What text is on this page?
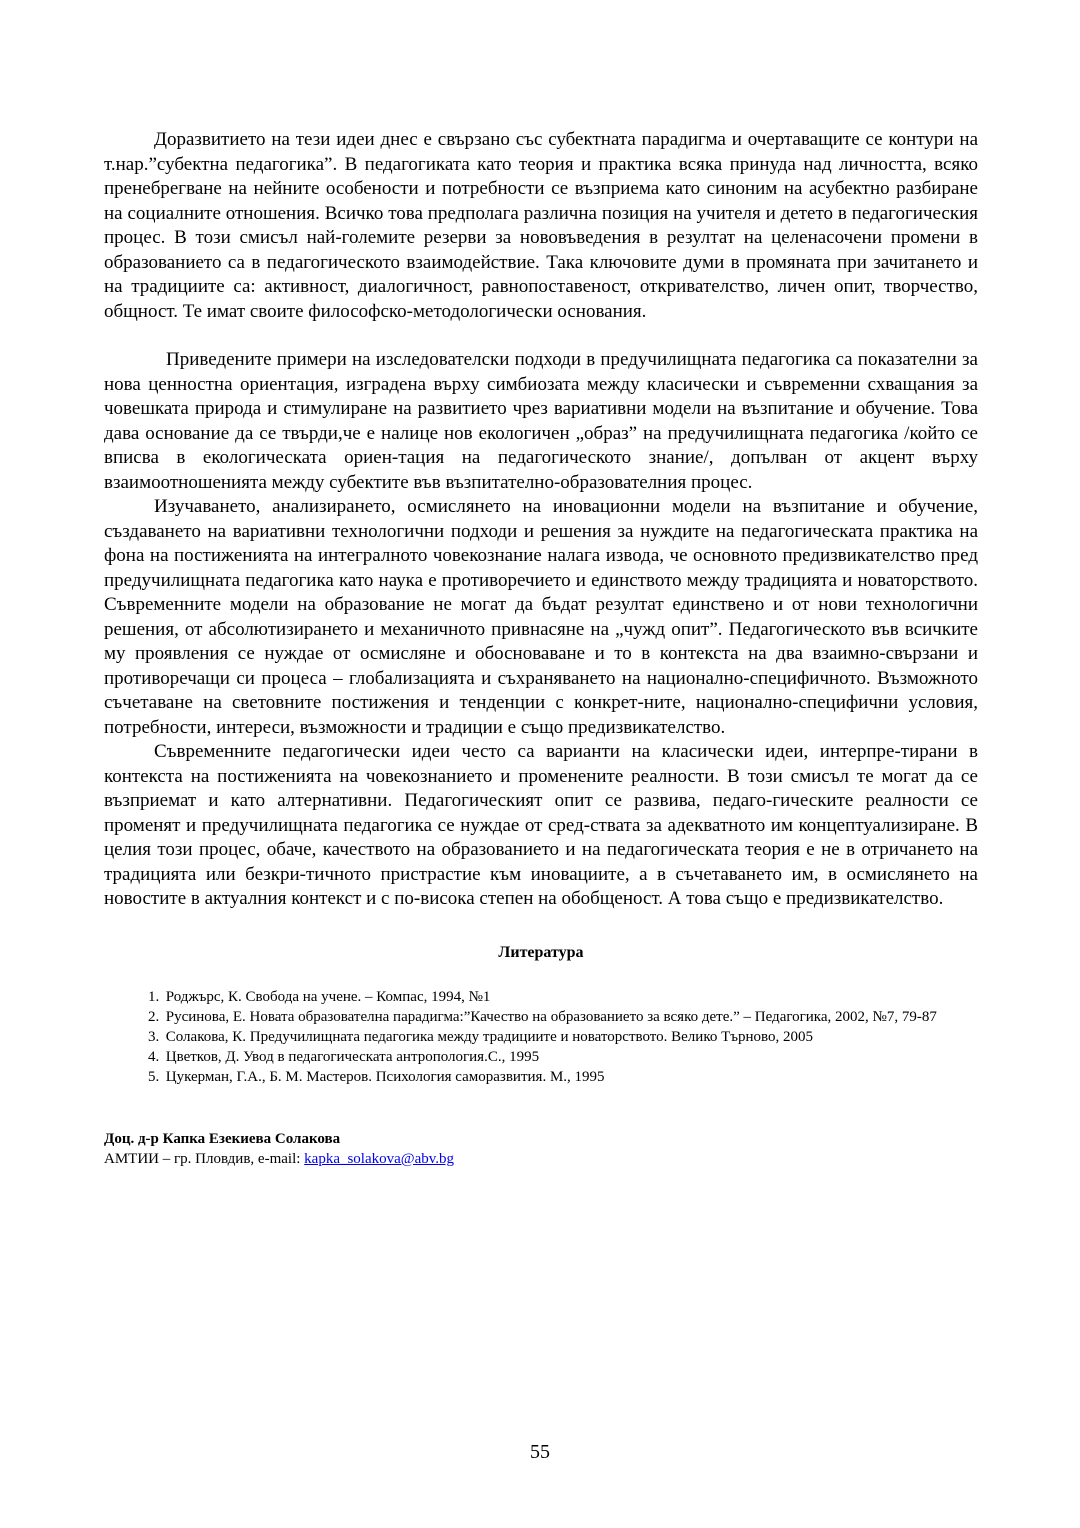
Доразвитието на тези идеи днес е свързано със субектната парадигма и очертаващите се контури на т.нар.”субектна педагогика”. В педагогиката като теория и практика всяка принуда над личността, всяко пренебрегване на нейните особености и потребности се възприема като синоним на асубектно разбиране на социалните отношения. Всичко това предполага различна позиция на учителя и детето в педагогическия процес. В този смисъл най-големите резерви за нововъведения в резултат на целенасочени промени в образованието са в педагогическото взаимодействие. Така ключовите думи в промяната при зачитането и на традициите са: активност, диалогичност, равнопоставеност, откривателство, личен опит, творчество, общност. Те имат своите философско-методологически основания.

Приведените примери на изследователски подходи в предучилищната педагогика са показателни за нова ценностна ориентация, изградена върху симбиозата между класически и съвременни схващания за човешката природа и стимулиране на развитието чрез вариативни модели на възпитание и обучение. Това дава основание да се твърди,че е налице нов екологичен „образ” на предучилищната педагогика /който се вписва в екологическата ориен-тация на педагогическото знание/, допълван от акцент върху взаимоотношенията между субектите във възпитателно-образователния процес.

Изучаването, анализирането, осмислянето на иновационни модели на възпитание и обучение, създаването на вариативни технологични подходи и решения за нуждите на педагогическата практика на фона на постиженията на интегралното човекознание налага извода, че основното предизвикателство пред предучилищната педагогика като наука е противоречието и единството между традицията и новаторството. Съвременните модели на образование не могат да бъдат резултат единствено и от нови технологични решения, от абсолютизирането и механичното привнасяне на „чужд опит”. Педагогическото във всичките му проявления се нуждае от осмисляне и обосноваване и то в контекста на два взаимно-свързани и противоречащи си процеса – глобализацията и съхраняването на национално-специфичното. Възможното съчетаване на световните постижения и тенденции с конкрет-ните, национално-специфични условия, потребности, интереси, възможности и традиции е също предизвикателство.

Съвременните педагогически идеи често са варианти на класически идеи, интерпре-тирани в контекста на постиженията на човекознанието и променените реалности. В този смисъл те могат да се възприемат и като алтернативни. Педагогическият опит се развива, педаго-гическите реалности се променят и предучилищната педагогика се нуждае от сред-ствата за адекватното им концептуализиране. В целия този процес, обаче, качеството на образованието и на педагогическата теория е не в отричането на традицията или безкри-тичното пристрастие към иновациите, а в съчетаването им, в осмислянето на новостите в актуалния контекст и с по-висока степен на обобщеност. А това също е предизвикателство.

Литература
1. Роджърс, К. Свобода на учене. – Компас, 1994, №1
2. Русинова, Е. Новата образователна парадигма:”Качество на образованието за всяко дете.” – Педагогика, 2002, №7, 79-87
3. Солакова, К. Предучилищната педагогика между традициите и новаторството. Велико Търново, 2005
4. Цветков, Д. Увод в педагогическата антропология.С., 1995
5. Цукерман, Г.А., Б. М. Мастеров. Психология саморазвития. М., 1995
Доц. д-р Капка Езекиева Солакова
АМТИИ – гр. Пловдив, e-mail: kapka_solakova@abv.bg
55
